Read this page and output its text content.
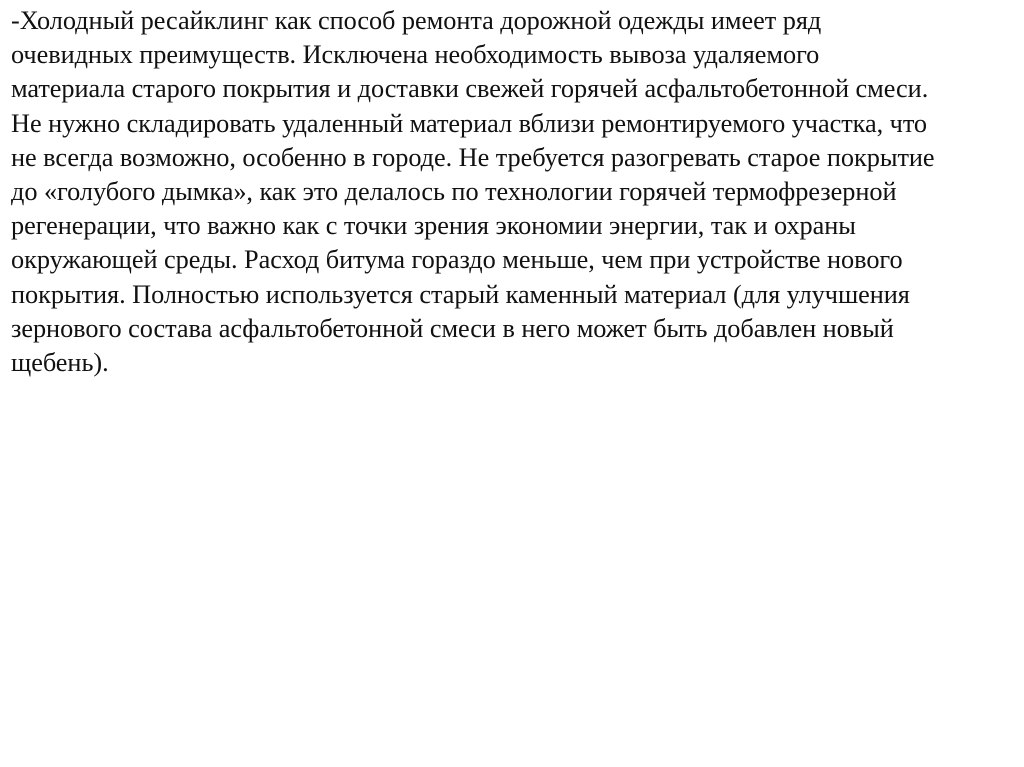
-Холодный ресайклинг как способ ремонта дорожной одежды имеет ряд
очевидных преимуществ. Исключена необходимость вывоза удаляемого
материала старого покрытия и доставки свежей горячей асфальтобетонной смеси.
Не нужно складировать удаленный материал вблизи ремонтируемого участка, что
не всегда возможно, особенно в городе. Не требуется разогревать старое покрытие
до «голубого дымка», как это делалось по технологии горячей термофрезерной
регенерации, что важно как с точки зрения экономии энергии, так и охраны
окружающей среды. Расход битума гораздо меньше, чем при устройстве нового
покрытия. Полностью используется старый каменный материал (для улучшения
зернового состава асфальтобетонной смеси в него может быть добавлен новый
щебень).
